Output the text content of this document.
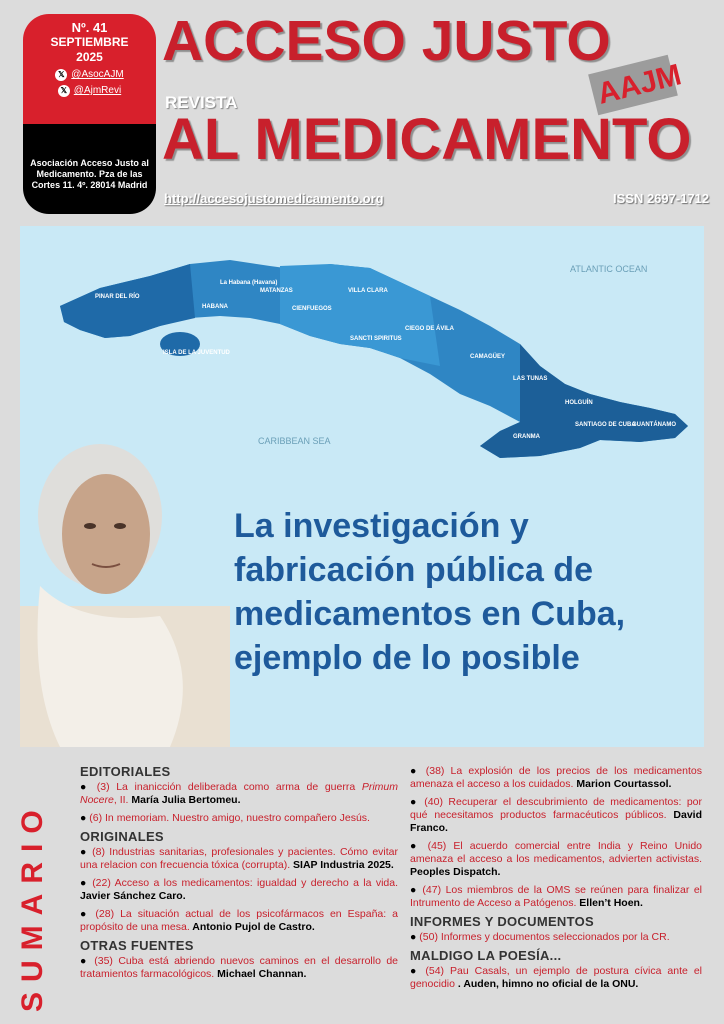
Nº. 41
SEPTIEMBRE
2025
𝕏 @AsocAJM
𝕏 @AjmRevi
Asociación Acceso Justo al Medicamento. Pza de las Cortes 11. 4º. 28014 Madrid
ACCESO JUSTO
REVISTA
AL MEDICAMENTO
AAJM
http://accesojustomedicamento.org	ISSN 2697-1712
PINAR DEL RÍO
La Habana (Havana)
HABANA
MATANZAS
CIENFUEGOS
VILLA CLARA
SANCTI SPIRITUS
CIEGO DE ÁVILA
CAMAGÜEY
LAS TUNAS
HOLGUÍN
GRANMA
SANTIAGO DE CUBA
GUANTÁNAMO
ISLA DE LA JUVENTUD
ATLANTIC OCEAN
CARIBBEAN SEA
La investigación y fabricación pública de medicamentos en Cuba, ejemplo de lo posible
SUMARIO
EDITORIALES
● (3) La inanicción deliberada como arma de guerra Primum Nocere, II. María Julia Bertomeu.
● (6) In memoriam. Nuestro amigo, nuestro compañero Jesús.
ORIGINALES
● (8) Industrias sanitarias, profesionales y pacientes. Cómo evitar una relacion con frecuencia tóxica (corrupta). SIAP Industria 2025.
● (22) Acceso a los medicamentos: igualdad y derecho a la vida. Javier Sánchez Caro.
● (28) La situación actual de los psicofármacos en España: a propósito de una mesa. Antonio Pujol de Castro.
OTRAS FUENTES
● (35) Cuba está abriendo nuevos caminos en el desarrollo de tratamientos farmacológicos. Michael Channan.
● (38) La explosión de los precios de los medicamentos amenaza el acceso a los cuidados. Marion Courtassol.
● (40) Recuperar el descubrimiento de medicamentos: por qué necesitamos productos farmacéuticos públicos. David Franco.
● (45) El acuerdo comercial entre India y Reino Unido amenaza el acceso a los medicamentos, advierten activistas. Peoples Dispatch.
● (47) Los miembros de la OMS se reúnen para finalizar el Intrumento de Acceso a Patógenos. Ellen’t Hoen.
INFORMES Y DOCUMENTOS
● (50) Informes y documentos seleccionados por la CR.
MALDIGO LA POESÍA...
● (54) Pau Casals, un ejemplo de postura cívica ante el genocidio . Auden, himno no oficial de la ONU.
